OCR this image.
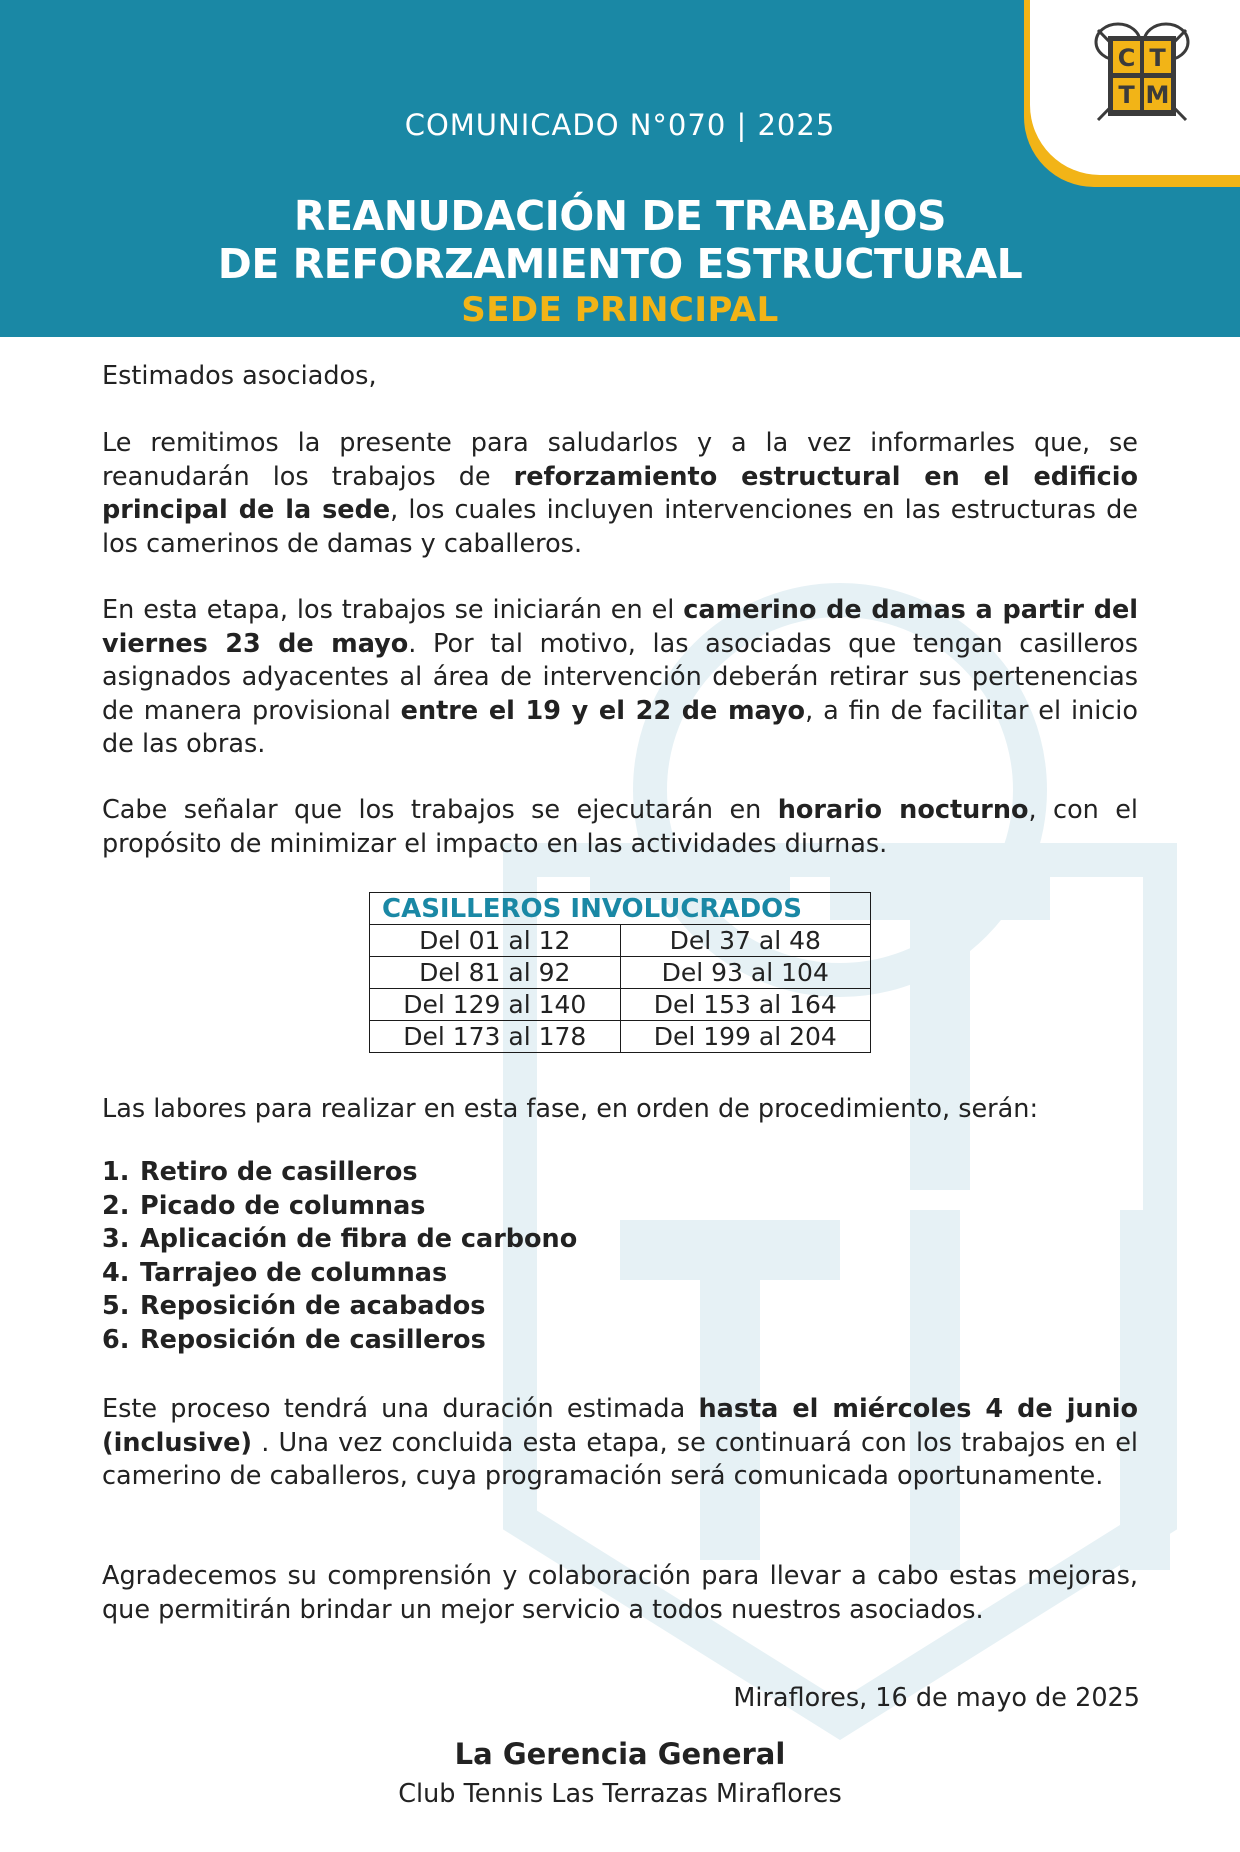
C T
T M
COMUNICADO N°070 | 2025
REANUDACIÓN DE TRABAJOS
DE REFORZAMIENTO ESTRUCTURAL
SEDE PRINCIPAL
Estimados asociados,
Le remitimos la presente para saludarlos y a la vez informarles que, se reanudarán los trabajos de reforzamiento estructural en el edificio principal de la sede, los cuales incluyen intervenciones en las estructuras de los camerinos de damas y caballeros.
En esta etapa, los trabajos se iniciarán en el camerino de damas a partir del viernes 23 de mayo. Por tal motivo, las asociadas que tengan casilleros asignados adyacentes al área de intervención deberán retirar sus pertenencias de manera provisional entre el 19 y el 22 de mayo, a fin de facilitar el inicio de las obras.
Cabe señalar que los trabajos se ejecutarán en horario nocturno, con el propósito de minimizar el impacto en las actividades diurnas.
CASILLEROS INVOLUCRADOS	
Del 01 al 12	Del 37 al 48
Del 81 al 92	Del 93 al 104
Del 129 al 140	Del 153 al 164
Del 173 al 178	Del 199 al 204
Las labores para realizar en esta fase, en orden de procedimiento, serán:
1. Retiro de casilleros
2. Picado de columnas
3. Aplicación de fibra de carbono
4. Tarrajeo de columnas
5. Reposición de acabados
6. Reposición de casilleros
Este proceso tendrá una duración estimada hasta el miércoles 4 de junio (inclusive) . Una vez concluida esta etapa, se continuará con los trabajos en el camerino de caballeros, cuya programación será comunicada oportunamente.
Agradecemos su comprensión y colaboración para llevar a cabo estas mejoras, que permitirán brindar un mejor servicio a todos nuestros asociados.
Miraflores, 16 de mayo de 2025
La Gerencia General
Club Tennis Las Terrazas Miraflores
